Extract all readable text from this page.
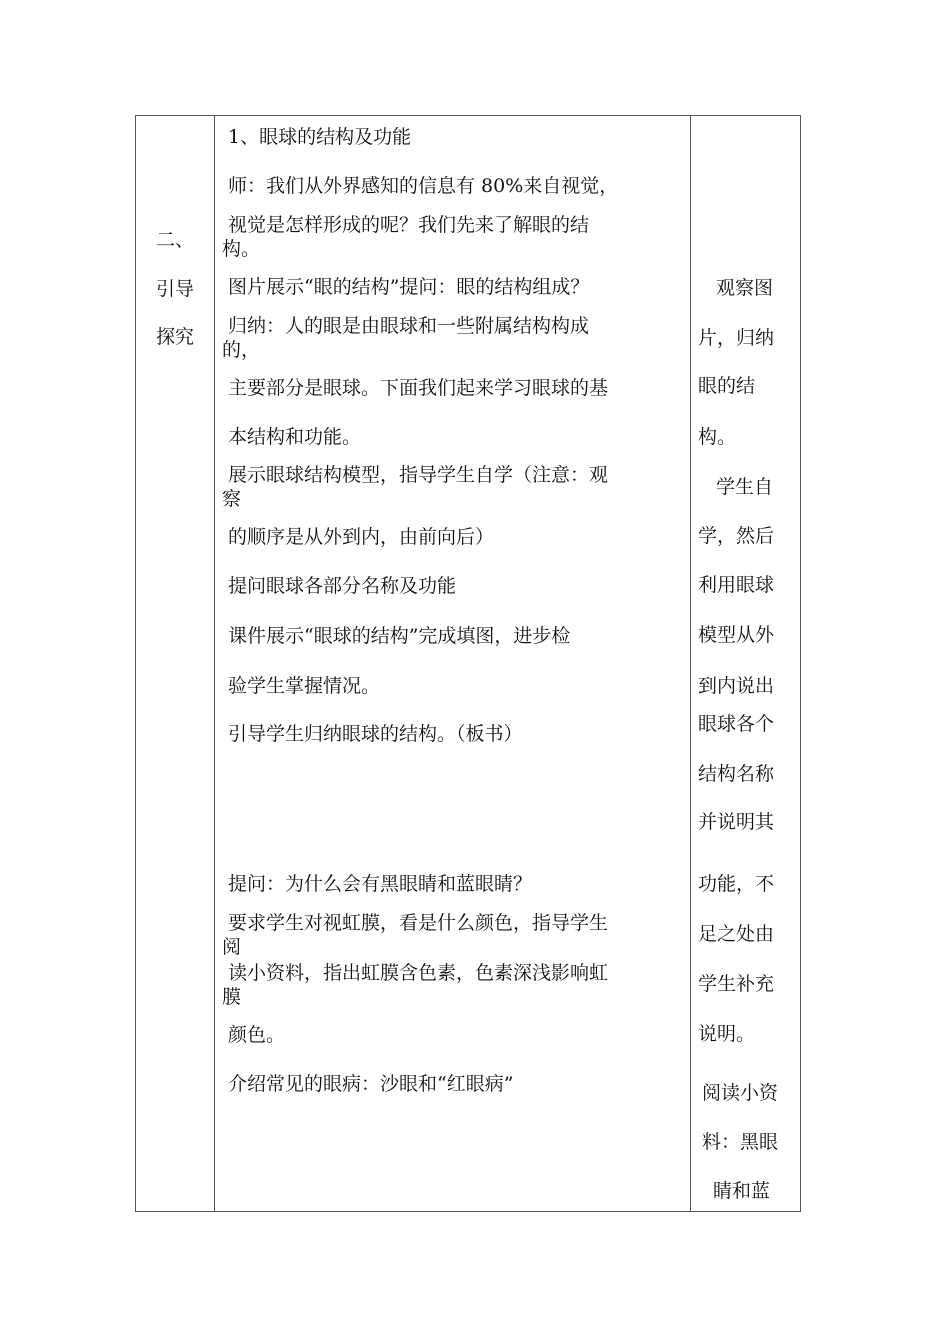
二、

引导

探究

1、眼球的结构及功能

师：我们从外界感知的信息有 80%来自视觉，

视觉是怎样形成的呢？我们先来了解眼的结

构。

图片展示“眼的结构”提问：眼的结构组成？

归纳：人的眼是由眼球和一些附属结构构成

的，

主要部分是眼球。下面我们起来学习眼球的基

本结构和功能。

展示眼球结构模型，指导学生自学（注意：观

察

的顺序是从外到内，由前向后）

提问眼球各部分名称及功能

课件展示“眼球的结构”完成填图，进步检

验学生掌握情况。

引导学生归纳眼球的结构。（板书）

提问：为什么会有黑眼睛和蓝眼睛？

要求学生对视虹膜，看是什么颜色，指导学生

阅

读小资料，指出虹膜含色素，色素深浅影响虹

膜

颜色。

介绍常见的眼病：沙眼和“红眼病”

观察图

片，归纳

眼的结

构。

学生自

学，然后

利用眼球

模型从外

到内说出

眼球各个

结构名称

并说明其

功能，不

足之处由

学生补充

说明。

阅读小资

料：黑眼

睛和蓝
